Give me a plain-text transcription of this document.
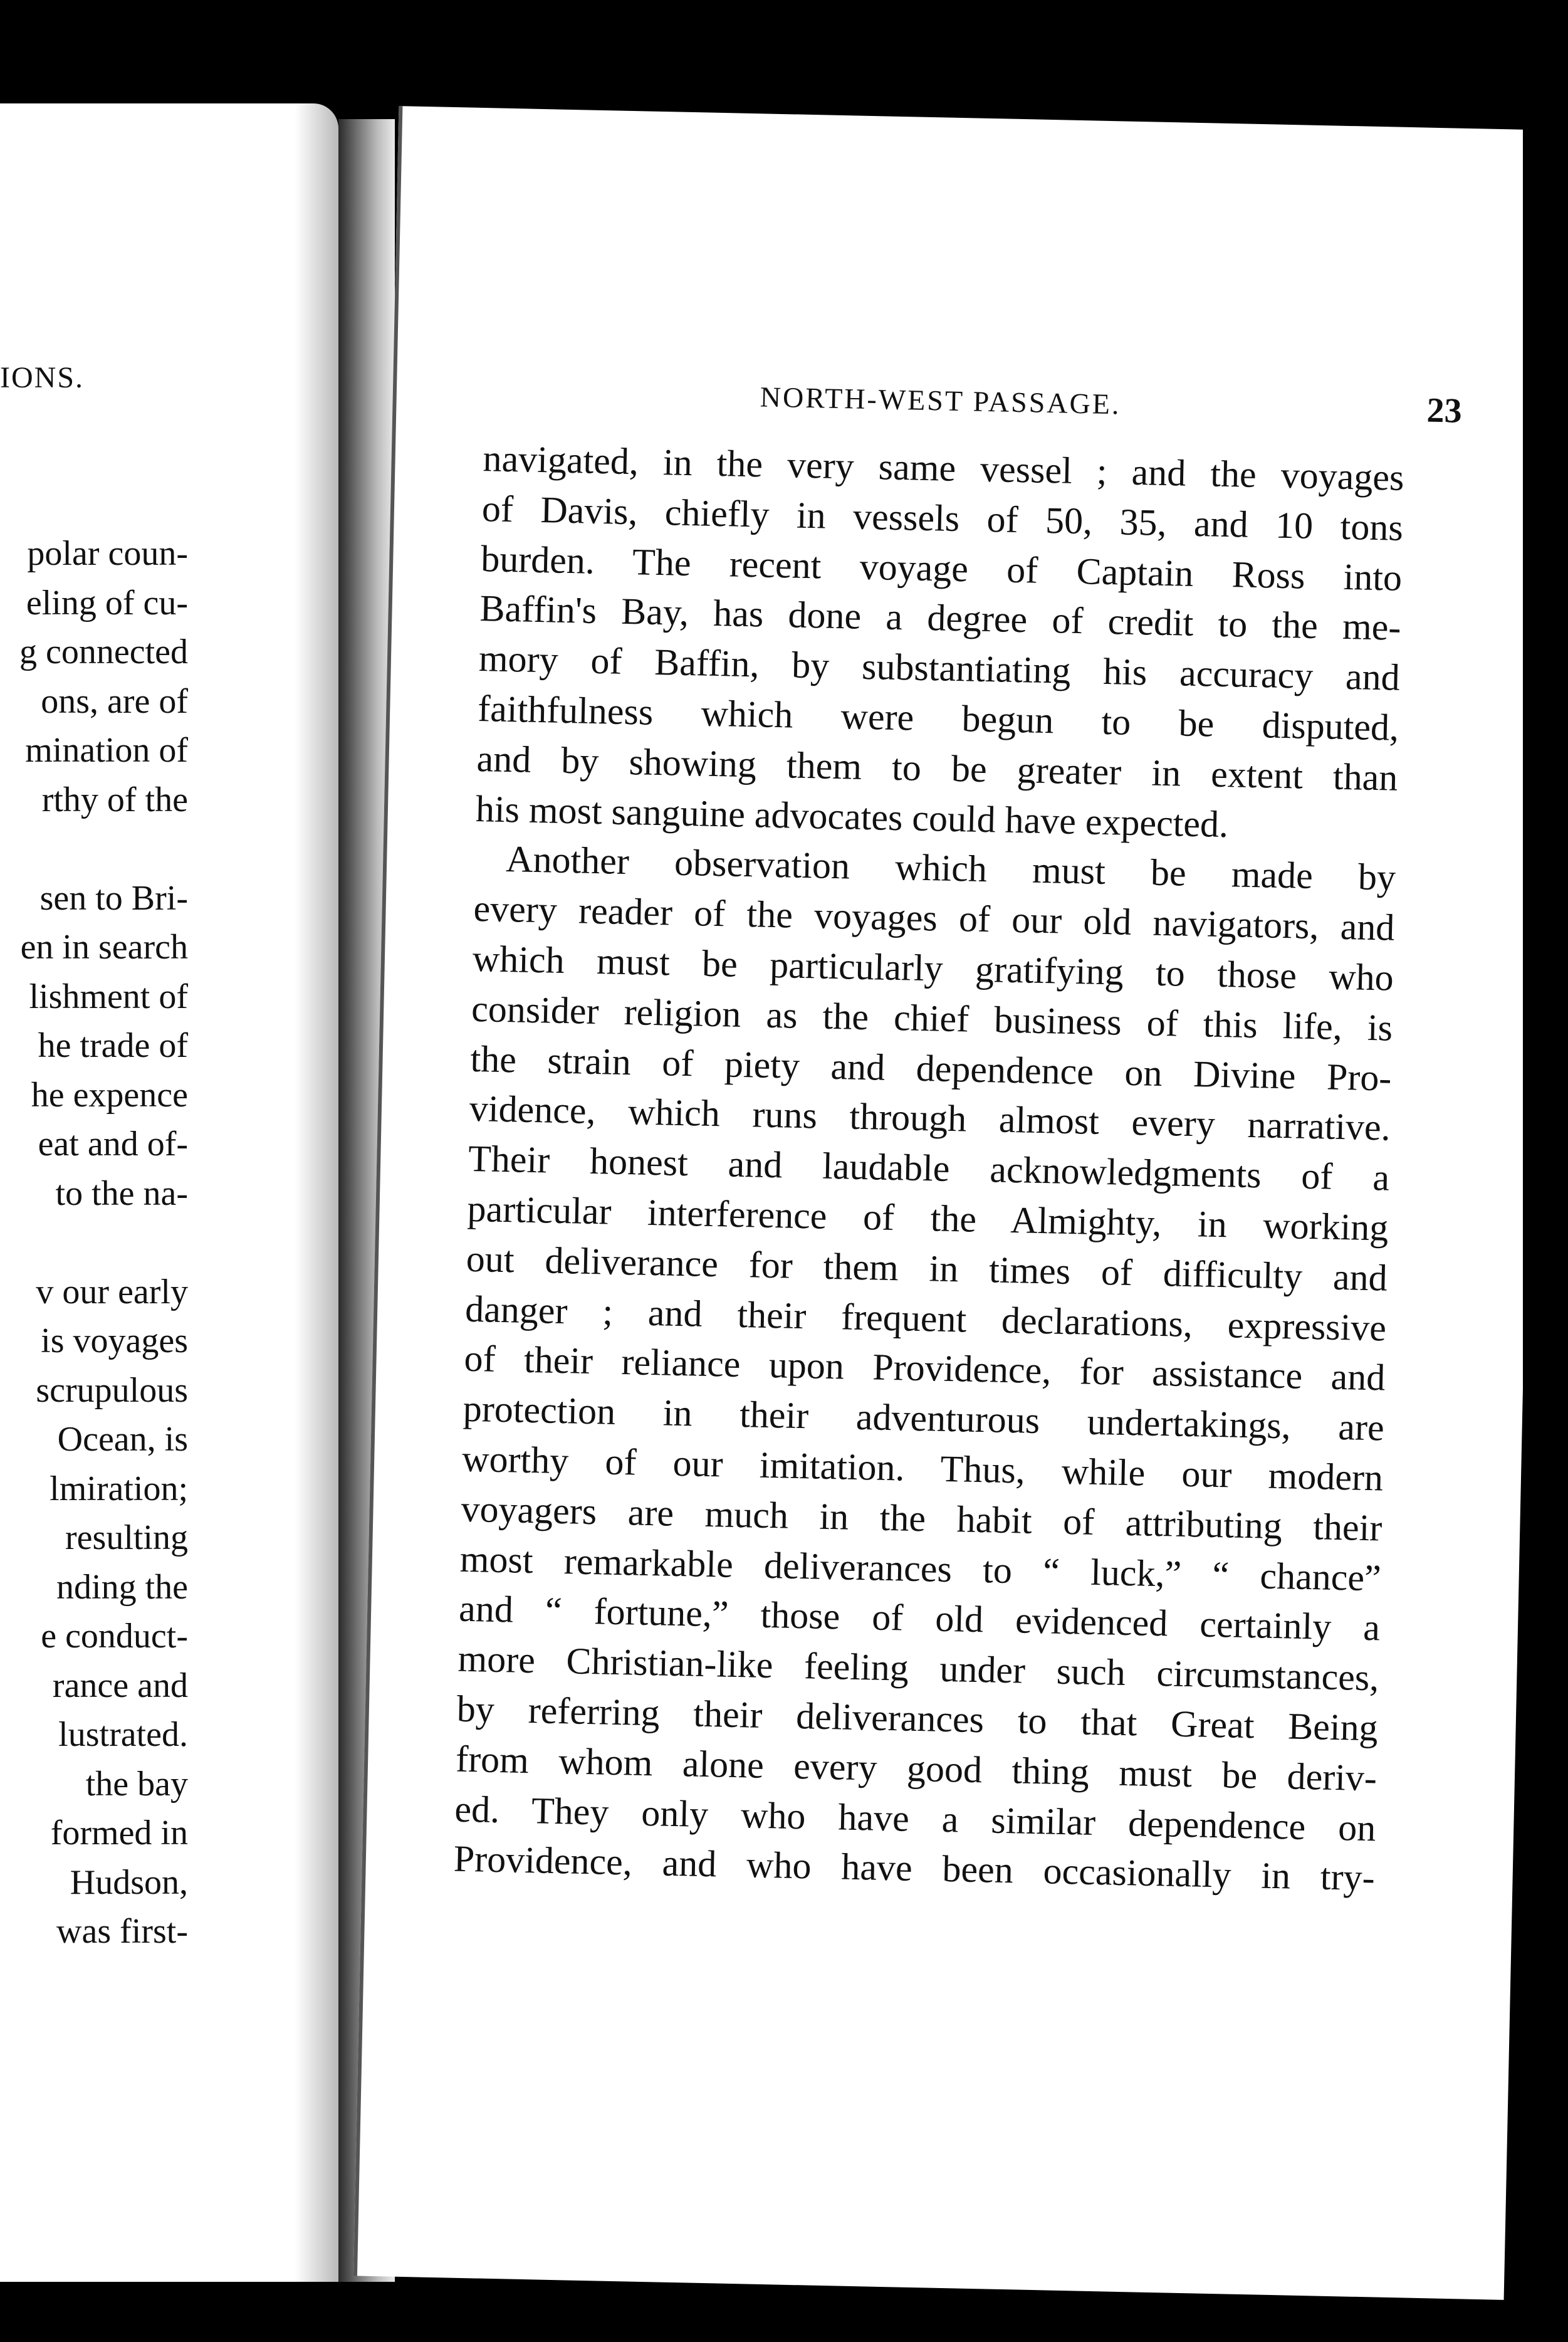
IONS.
polar coun-
eling of cu-
g connected
ons, are of
mination of
rthy of the
sen to Bri-
en in search
lishment of
he trade of
he expence
eat and of-
to the na-
v our early
is voyages
scrupulous
Ocean, is
lmiration;
resulting
nding the
e conduct-
rance and
lustrated.
the bay
formed in
Hudson,
was first-
NORTH-WEST PASSAGE.	23
navigated, in the very same vessel ; and the voyages
of Davis, chiefly in vessels of 50, 35, and 10 tons
burden. The recent voyage of Captain Ross into
Baffin's Bay, has done a degree of credit to the me-
mory of Baffin, by substantiating his accuracy and
faithfulness which were begun to be disputed,
and by showing them to be greater in extent than
his most sanguine advocates could have expected.
Another observation which must be made by
every reader of the voyages of our old navigators, and
which must be particularly gratifying to those who
consider religion as the chief business of this life, is
the strain of piety and dependence on Divine Pro-
vidence, which runs through almost every narrative.
Their honest and laudable acknowledgments of a
particular interference of the Almighty, in working
out deliverance for them in times of difficulty and
danger ; and their frequent declarations, expressive
of their reliance upon Providence, for assistance and
protection in their adventurous undertakings, are
worthy of our imitation. Thus, while our modern
voyagers are much in the habit of attributing their
most remarkable deliverances to “ luck,” “ chance”
and “ fortune,” those of old evidenced certainly a
more Christian-like feeling under such circumstances,
by referring their deliverances to that Great Being
from whom alone every good thing must be deriv-
ed. They only who have a similar dependence on
Providence, and who have been occasionally in try-
